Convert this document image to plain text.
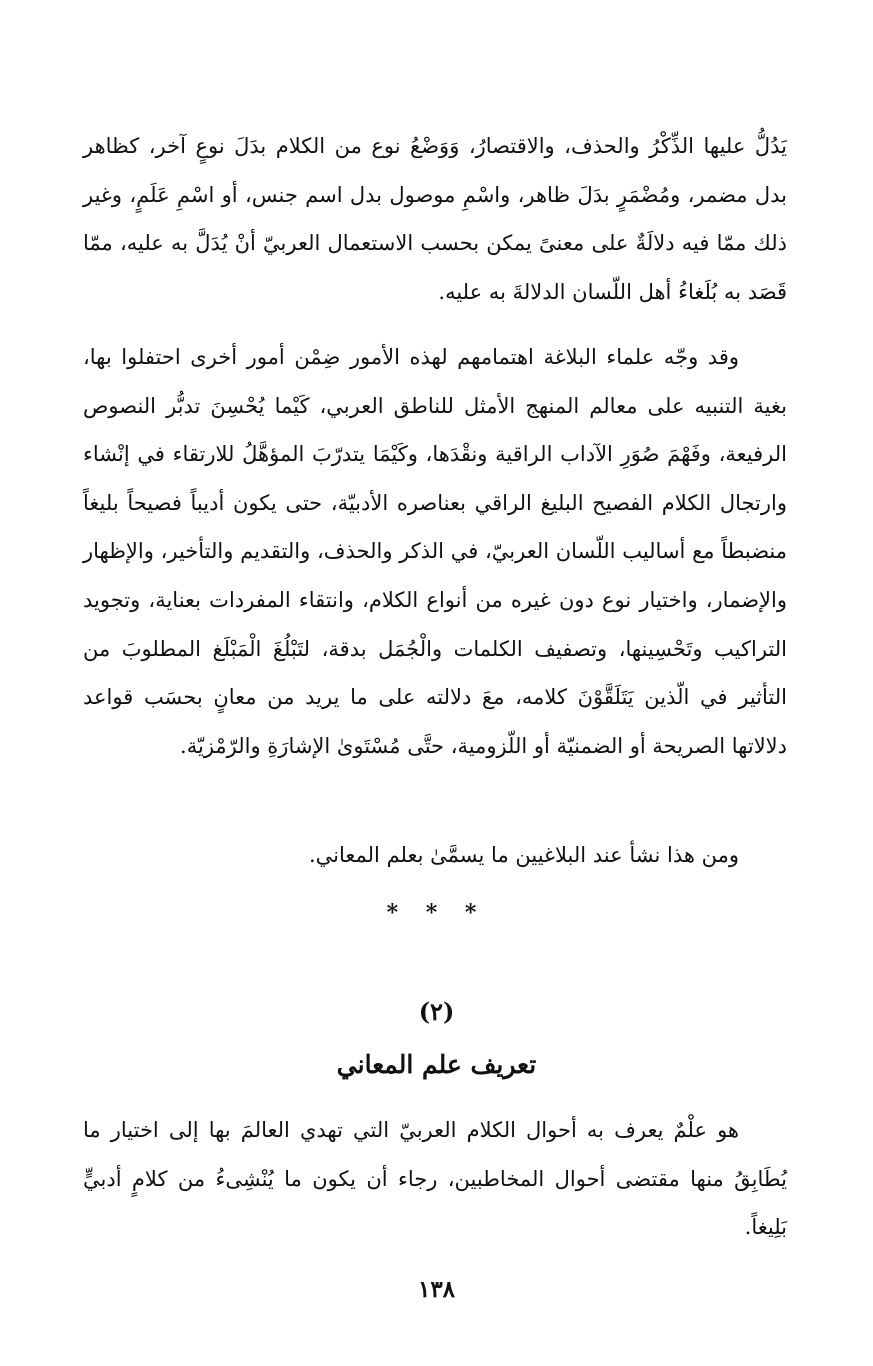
يَدُلُّ عليها الذِّكْرُ والحذف، والاقتصارُ، وَوَضْعُ نوع من الكلام بدَلَ نوعٍ آخر، كظاهر بدل مضمر، ومُضْمَرٍ بدَلَ ظاهر، واسْمِ موصول بدل اسم جنس، أو اسْمِ عَلَمٍ، وغير ذلك ممّا فيه دلالَةٌ على معنىً يمكن بحسب الاستعمال العربيّ أنْ يُدَلَّ به عليه، ممّا قَصَد به بُلَغاءُ أهل اللّسان الدلالةَ به عليه.

وقد وجّه علماء البلاغة اهتمامهم لهذه الأمور ضِمْن أمور أخرى احتفلوا بها، بغية التنبيه على معالم المنهج الأمثل للناطق العربي، كَيْما يُحْسِنَ تدبُّر النصوص الرفيعة، وفَهْمَ صُوَرِ الآداب الراقية ونقْدَها، وكَيْمَا يتدرّبَ المؤهَّلُ للارتقاء في إنْشاء وارتجال الكلام الفصيح البليغ الراقي بعناصره الأدبيّة، حتى يكون أديباً فصيحاً بليغاً منضبطاً مع أساليب اللّسان العربيّ، في الذكر والحذف، والتقديم والتأخير، والإظهار والإضمار، واختيار نوع دون غيره من أنواع الكلام، وانتقاء المفردات بعناية، وتجويد التراكيب وتَحْسِينها، وتصفيف الكلمات والْجُمَل بدقة، لتَبْلُغَ الْمَبْلَغ المطلوبَ من التأثير في الّذين يَتَلَقَّوْنَ كلامه، معَ دلالته على ما يريد من معانٍ بحسَب قواعد دلالاتها الصريحة أو الضمنيّة أو اللّزومية، حتَّى مُسْتَوىٰ الإشارَةِ والرّمْزيّة.

ومن هذا نشأ عند البلاغيين ما يسمَّىٰ بعلم المعاني.

* * *
(٢)
تعريف علم المعاني

هو علْمٌ يعرف به أحوال الكلام العربيّ التي تهدي العالمَ بها إلى اختيار ما يُطَابِقُ منها مقتضى أحوال المخاطبين، رجاء أن يكون ما يُنْشِىءُ من كلامٍ أدبيٍّ بَلِيغاً.

١٣٨
